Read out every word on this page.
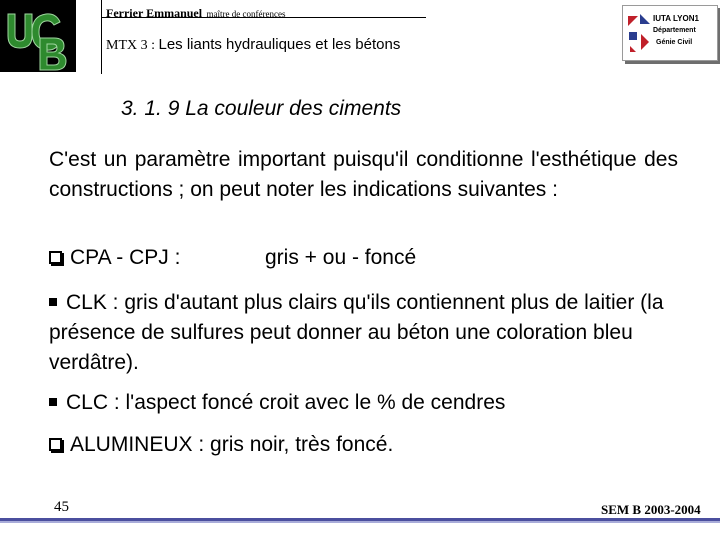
Ferrier Emmanuel maître de conférences
MTX 3 : Les liants hydrauliques et les bétons
IUTA LYON1
Département
Génie Civil
3. 1. 9 La couleur des ciments
C'est un paramètre important puisqu'il conditionne l'esthétique des constructions ; on peut noter les indications suivantes :
CPA - CPJ :	gris + ou - foncé
CLK : gris d'autant plus clairs qu'ils contiennent plus de laitier (la présence de sulfures peut donner au béton une coloration bleu verdâtre).
CLC : l'aspect foncé croit avec le % de cendres
ALUMINEUX : gris noir, très foncé.
45	SEM B 2003-2004
